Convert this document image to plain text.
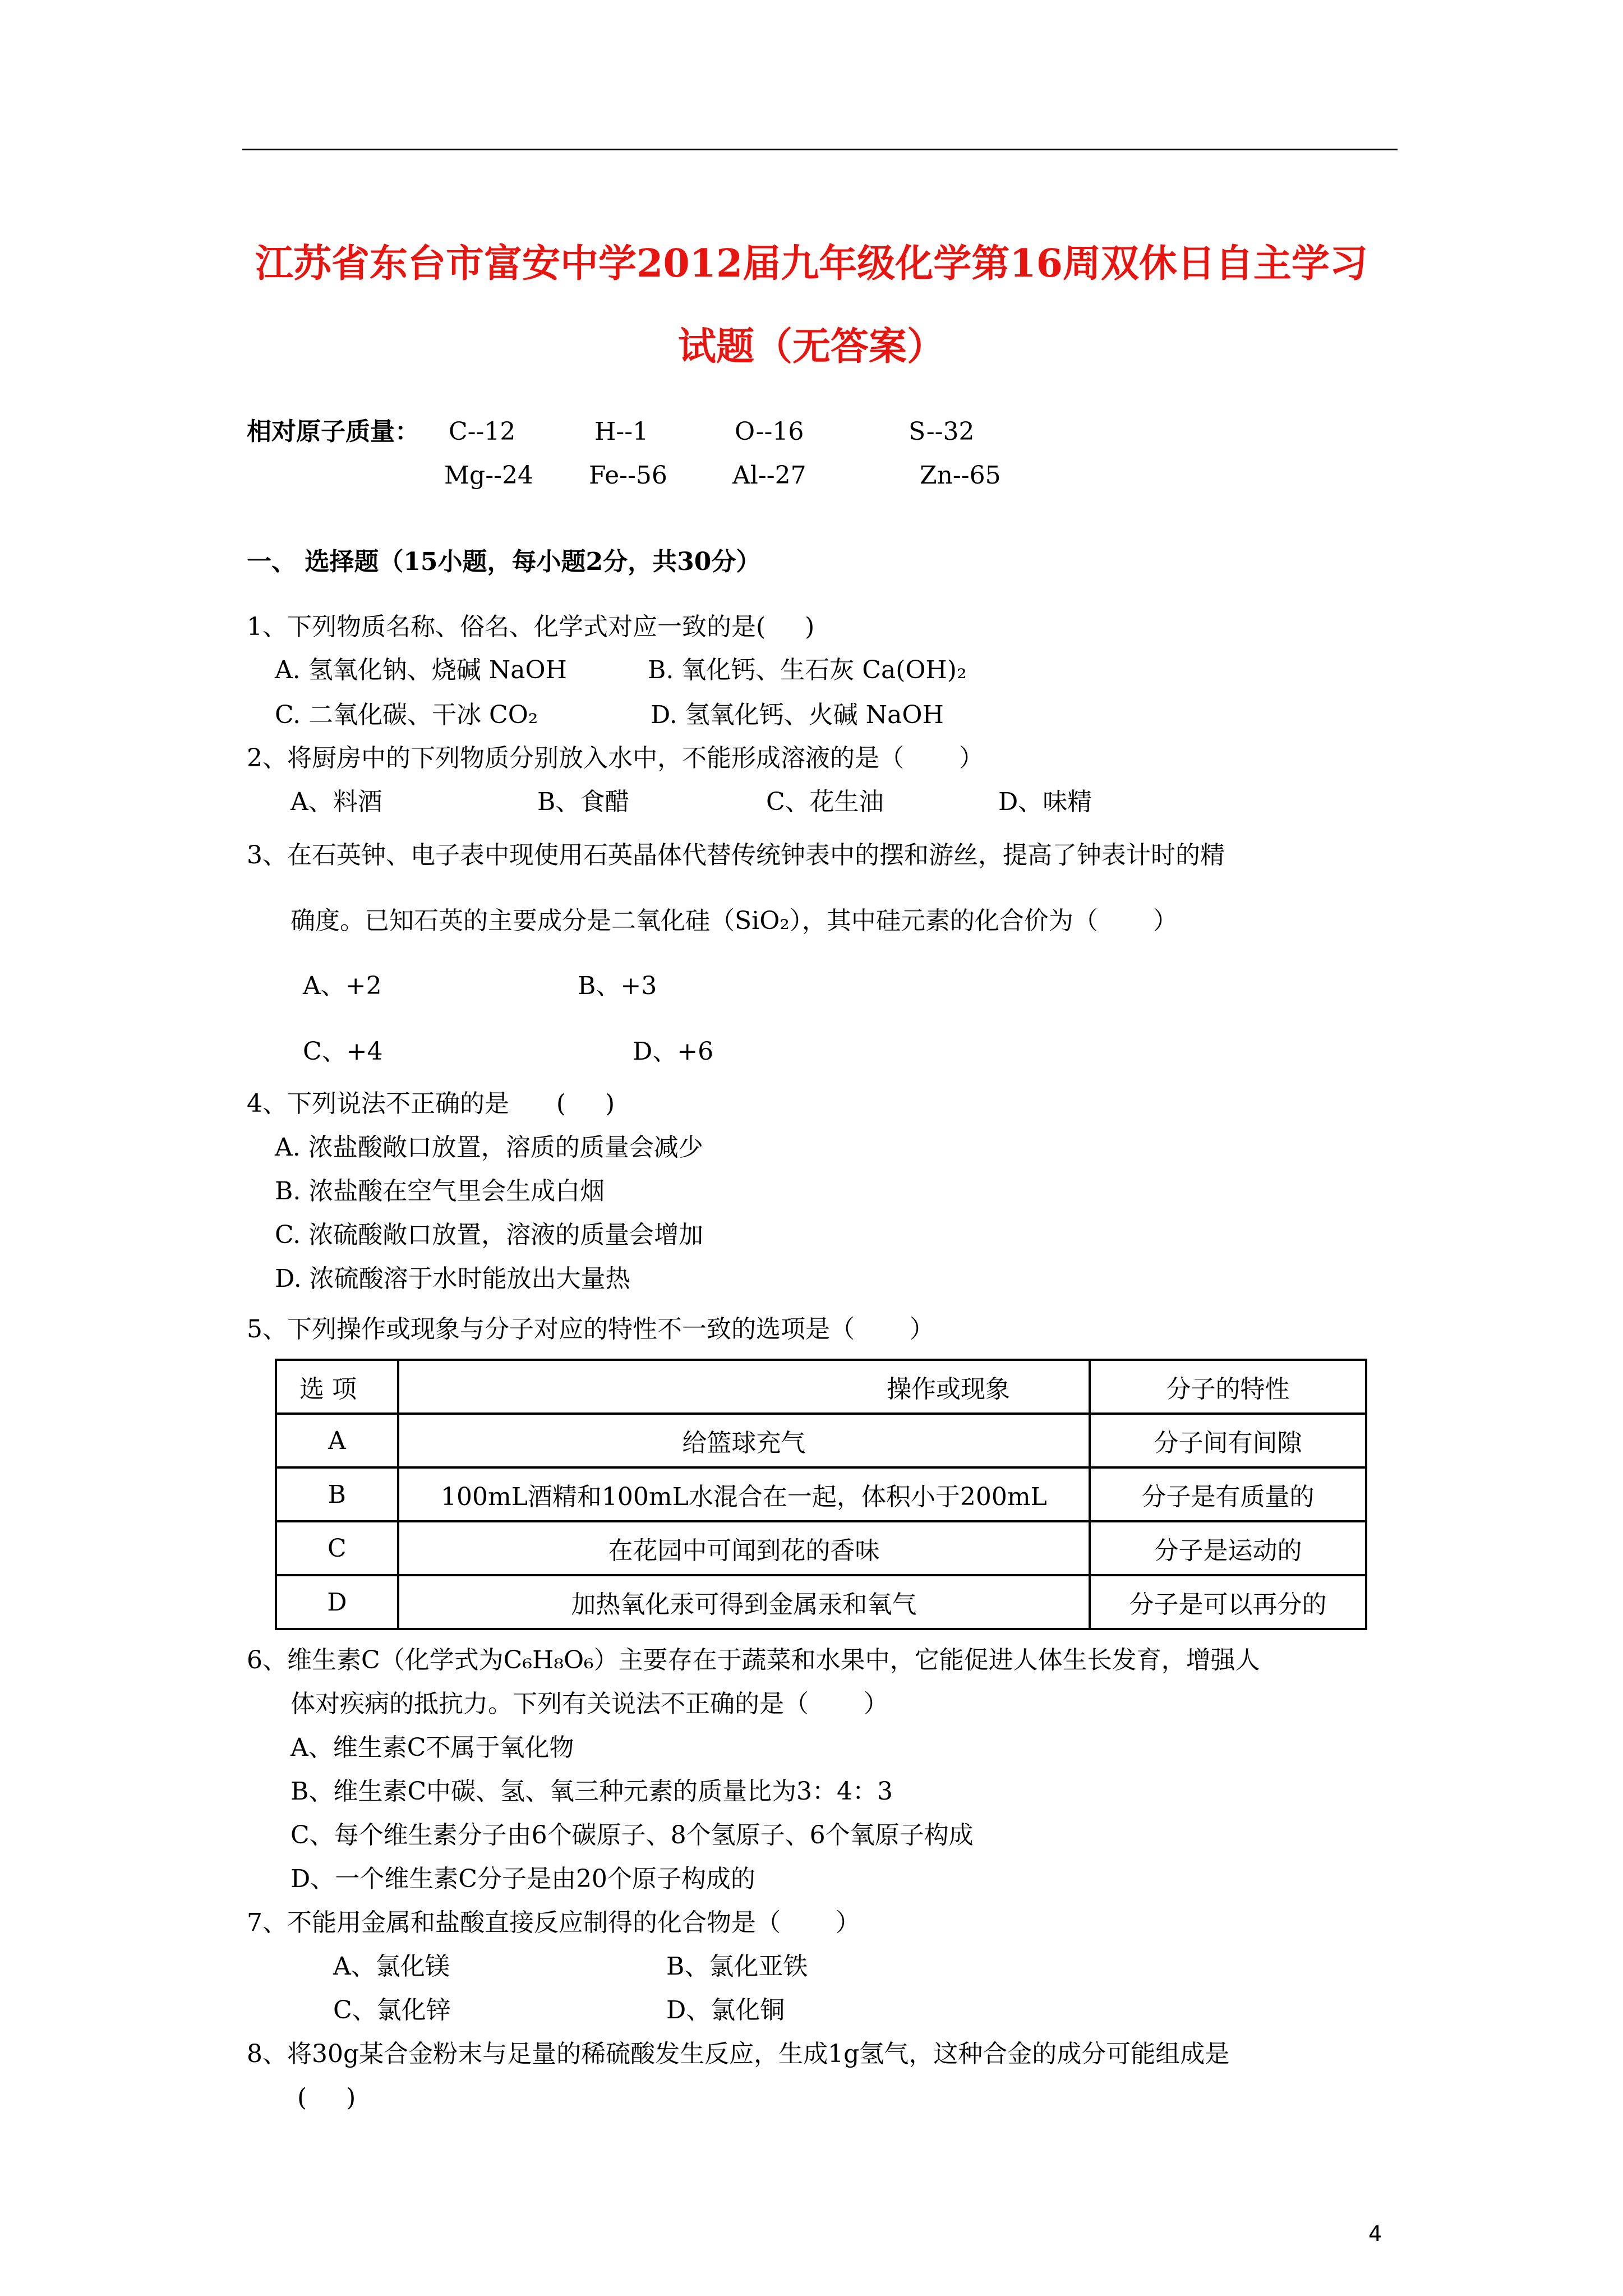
江苏省东台市富安中学2012届九年级化学第16周双休日自主学习
试题（无答案）
相对原子质量： C--12	H--1	O--16	S--32
Mg--24 Fe--56	Al--27	Zn--65
一、 选择题（15小题，每小题2分，共30分）
1、下列物质名称、俗名、化学式对应一致的是(     )
A. 氢氧化钠、烧碱 NaOH	B. 氧化钙、生石灰 Ca(OH)₂
C. 二氧化碳、干冰 CO₂	D. 氢氧化钙、火碱 NaOH
2、将厨房中的下列物质分别放入水中，不能形成溶液的是（       ）
A、料酒	B、食醋	C、花生油	D、味精
3、在石英钟、电子表中现使用石英晶体代替传统钟表中的摆和游丝，提高了钟表计时的精
确度。已知石英的主要成分是二氧化硅（SiO₂），其中硅元素的化合价为（       ）
A、+2	B、+3
C、+4	D、+6
4、下列说法不正确的是      (     )
A. 浓盐酸敞口放置，溶质的质量会减少
B. 浓盐酸在空气里会生成白烟
C. 浓硫酸敞口放置，溶液的质量会增加
D. 浓硫酸溶于水时能放出大量热
5、下列操作或现象与分子对应的特性不一致的选项是（       ）
选 项	操作或现象	分子的特性
A	给篮球充气	分子间有间隙
B	100mL酒精和100mL水混合在一起，体积小于200mL	分子是有质量的
C	在花园中可闻到花的香味	分子是运动的
D	加热氧化汞可得到金属汞和氧气	分子是可以再分的
6、维生素C（化学式为C₆H₈O₆）主要存在于蔬菜和水果中，它能促进人体生长发育，增强人
体对疾病的抵抗力。下列有关说法不正确的是（       ）
A、维生素C不属于氧化物
B、维生素C中碳、氢、氧三种元素的质量比为3：4：3
C、每个维生素分子由6个碳原子、8个氢原子、6个氧原子构成
D、一个维生素C分子是由20个原子构成的
7、不能用金属和盐酸直接反应制得的化合物是（       ）
A、氯化镁	B、氯化亚铁
C、氯化锌	D、氯化铜
8、将30g某合金粉末与足量的稀硫酸发生反应，生成1g氢气，这种合金的成分可能组成是
(     )
4
